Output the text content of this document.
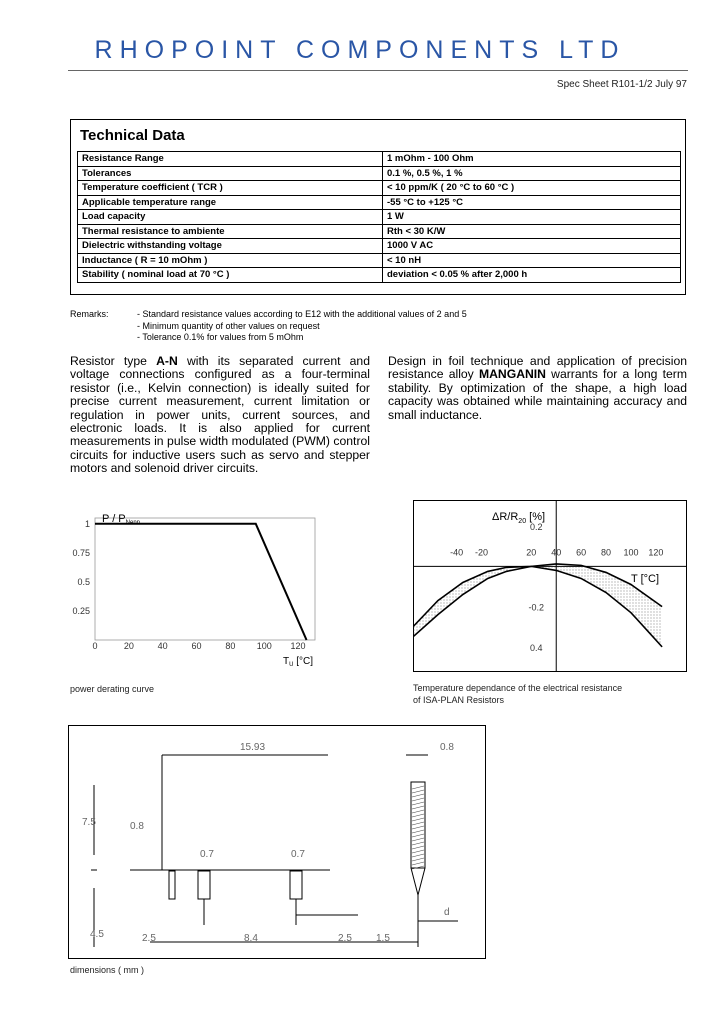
RHOPOINT COMPONENTS LTD
Spec Sheet R101-1/2 July 97
Technical Data
Resistance Range	1 mOhm - 100 Ohm
Tolerances	0.1 %, 0.5 %, 1 %
Temperature coefficient ( TCR )	< 10 ppm/K ( 20 °C to 60 °C )
Applicable temperature range	-55 °C to +125 °C
Load capacity	1 W
Thermal resistance to ambiente	Rth < 30 K/W
Dielectric withstanding voltage	1000 V AC
Inductance ( R = 10 mOhm )	< 10 nH
Stability ( nominal load at 70 °C )	deviation < 0.05 % after 2,000 h
Remarks:	- Standard resistance values according to E12 with the additional values of 2 and 5
- Minimum quantity of other values on request
- Tolerance 0.1% for values from 5 mOhm
Resistor type A-N with its separated current and voltage connections configured as a four-terminal resistor (i.e., Kelvin connection) is ideally suited for precise current measurement, current limitation or regulation in power units, current sources, and electronic loads. It is also applied for current measurements in pulse width modulated (PWM) control circuits for inductive users such as servo and stepper motors and solenoid driver circuits.
Design in foil technique and application of precision resistance alloy MANGANIN warrants for a long term stability. By optimization of the shape, a high load capacity was obtained while maintaining accuracy and small inductance.
0	20	40	60	80 100 120
1
0.75
0.5
0.25
P / PNenn
$T_U$ [°C]
power derating curve
-40 -20	20 40 60 80 100 120
0.2
-0.2
0.4
$\Delta R/R_{20}$ [%]
T [°C]
Temperature dependance of the electrical resistance
of ISA-PLAN Resistors
15.93	0.8
7.5	0.8
0.7	0.7
4.5	2.5	8.4	2.5 1.5
d
dimensions ( mm )
